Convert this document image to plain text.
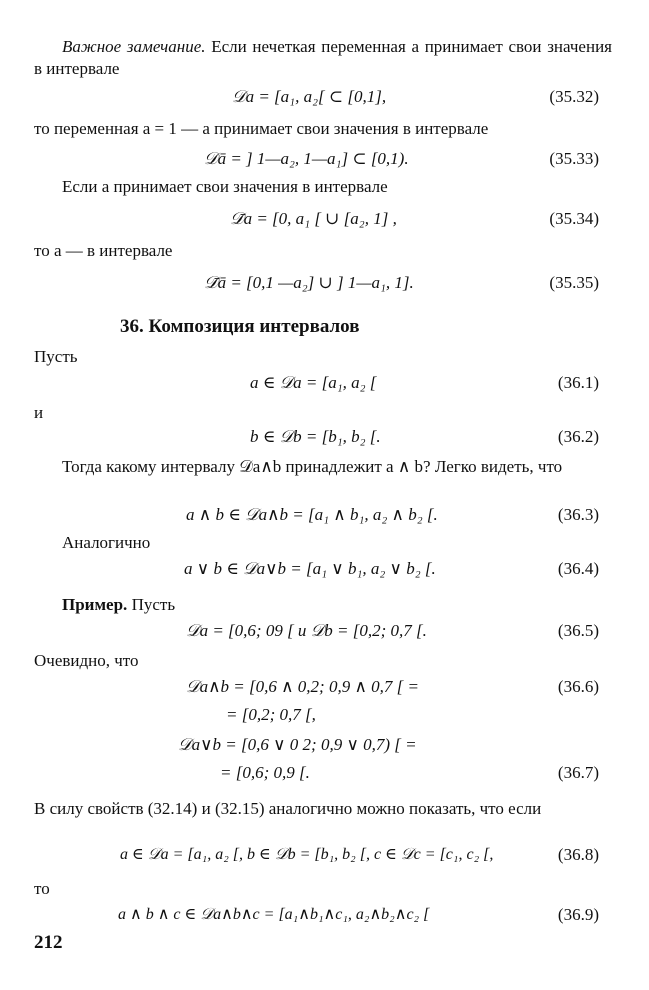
Важное замечание. Если нечеткая переменная a принимает свои значения в интервале
𝒟a = [a₁, a₂[ ⊂ [0,1],	(35.32)
то переменная a = 1 — a принимает свои значения в интервале
𝒟ā = ] 1—a₂, 1—a₁] ⊂ [0,1).	(35.33)
Если a принимает свои значения в интервале
𝒟̄a = [0, a₁ [ ∪ [a₂, 1] ,	(35.34)
то a — в интервале
𝒟̄ā = [0,1 —a₂] ∪ ] 1—a₁, 1].	(35.35)
36. Композиция интервалов
Пусть
a ∈ 𝒟a = [a₁, a₂ [	(36.1)
и
b ∈ 𝒟b = [b₁, b₂ [.	(36.2)
Тогда какому интервалу 𝒟a∧b принадлежит a ∧ b? Легко видеть, что
a ∧ b ∈ 𝒟a∧b = [a₁ ∧ b₁, a₂ ∧ b₂ [.	(36.3)
Аналогично
a ∨ b ∈ 𝒟a∨b = [a₁ ∨ b₁, a₂ ∨ b₂ [.	(36.4)
Пример. Пусть
𝒟a = [0,6; 09 [ и 𝒟b = [0,2; 0,7 [.	(36.5)
Очевидно, что
𝒟a∧b = [0,6 ∧ 0,2; 0,9 ∧ 0,7 [ =	(36.6)
= [0,2; 0,7 [,
𝒟a∨b = [0,6 ∨ 0 2; 0,9 ∨ 0,7) [ =
= [0,6; 0,9 [.	(36.7)
В силу свойств (32.14) и (32.15) аналогично можно показать, что если
a ∈ 𝒟a = [a₁, a₂ [, b ∈ 𝒟b = [b₁, b₂ [, c ∈ 𝒟c = [c₁, c₂ [,	(36.8)
то
a ∧ b ∧ c ∈ 𝒟a∧b∧c = [a₁∧b₁∧c₁, a₂∧b₂∧c₂ [	(36.9)
212
